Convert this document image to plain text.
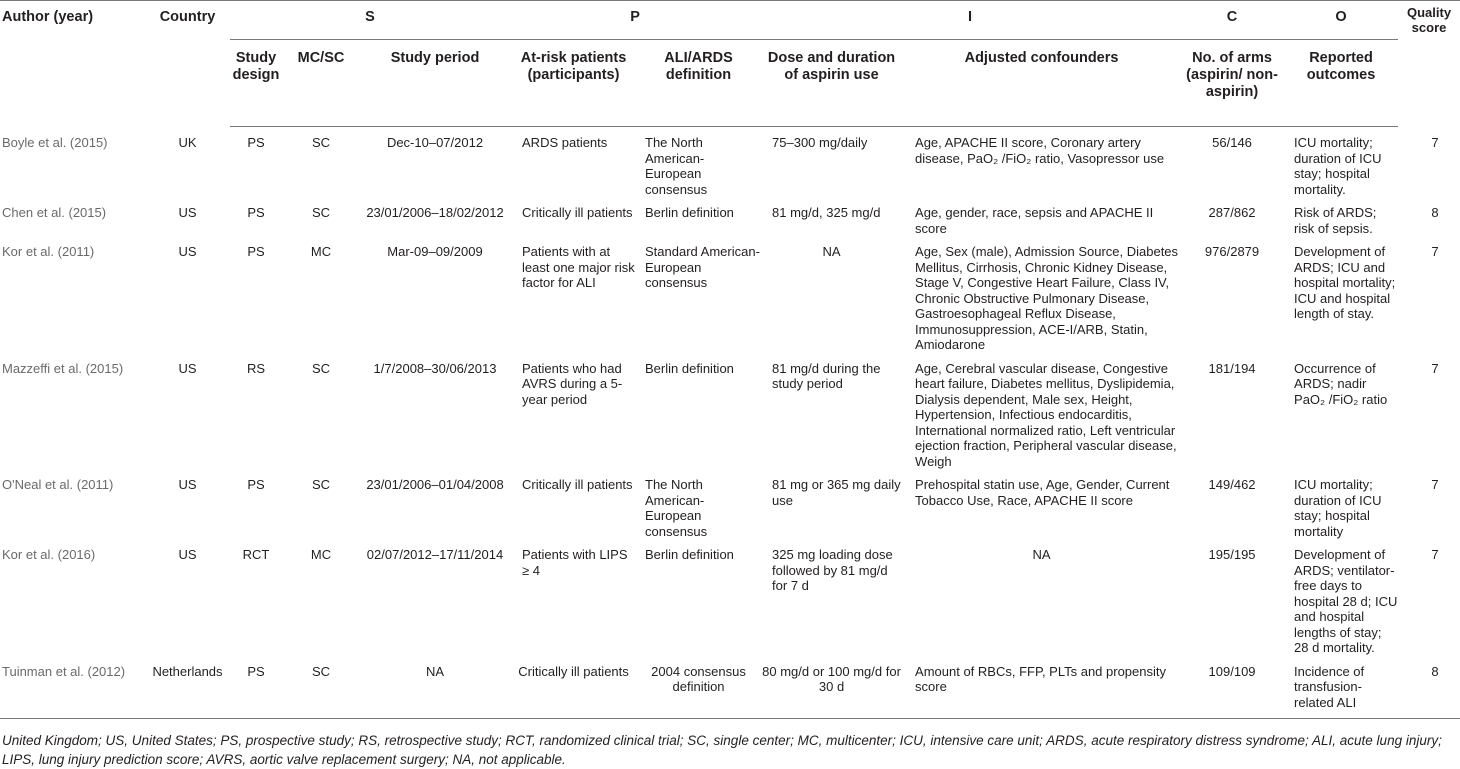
Author (year)	Country	S			P		I		C	O	Quality score
		Study design	MC/SC	Study period	At-risk patients (participants)	ALI/ARDS definition	Dose and duration of aspirin use	Adjusted confounders	No. of arms (aspirin/ non-aspirin)	Reported outcomes	
Boyle et al. (2015)	UK	PS	SC	Dec-10–07/2012	ARDS patients	The North American-European consensus	75–300 mg/daily	Age, APACHE II score, Coronary artery disease, PaO₂ /FiO₂ ratio, Vasopressor use	56/146	ICU mortality; duration of ICU stay; hospital mortality.	7
Chen et al. (2015)	US	PS	SC	23/01/2006–18/02/2012	Critically ill patients	Berlin definition	81 mg/d, 325 mg/d	Age, gender, race, sepsis and APACHE II score	287/862	Risk of ARDS; risk of sepsis.	8
Kor et al. (2011)	US	PS	MC	Mar-09–09/2009	Patients with at least one major risk factor for ALI	Standard American-European consensus	NA	Age, Sex (male), Admission Source, Diabetes Mellitus, Cirrhosis, Chronic Kidney Disease, Stage V, Congestive Heart Failure, Class IV, Chronic Obstructive Pulmonary Disease, Gastroesophageal Reflux Disease, Immunosuppression, ACE-I/ARB, Statin, Amiodarone	976/2879	Development of ARDS; ICU and hospital mortality; ICU and hospital length of stay.	7
Mazzeffi et al. (2015)	US	RS	SC	1/7/2008–30/06/2013	Patients who had AVRS during a 5-year period	Berlin definition	81 mg/d during the study period	Age, Cerebral vascular disease, Congestive heart failure, Diabetes mellitus, Dyslipidemia, Dialysis dependent, Male sex, Height, Hypertension, Infectious endocarditis, International normalized ratio, Left ventricular ejection fraction, Peripheral vascular disease, Weigh	181/194	Occurrence of ARDS; nadir PaO₂ /FiO₂ ratio	7
O'Neal et al. (2011)	US	PS	SC	23/01/2006–01/04/2008	Critically ill patients	The North American-European consensus	81 mg or 365 mg daily use	Prehospital statin use, Age, Gender, Current Tobacco Use, Race, APACHE II score	149/462	ICU mortality; duration of ICU stay; hospital mortality	7
Kor et al. (2016)	US	RCT	MC	02/07/2012–17/11/2014	Patients with LIPS ≥ 4	Berlin definition	325 mg loading dose followed by 81 mg/d for 7 d	NA	195/195	Development of ARDS; ventilator-free days to hospital 28 d; ICU and hospital lengths of stay; 28 d mortality.	7
Tuinman et al. (2012)	Netherlands	PS	SC	NA	Critically ill patients	2004 consensus definition	80 mg/d or 100 mg/d for 30 d	Amount of RBCs, FFP, PLTs and propensity score	109/109	Incidence of transfusion-related ALI	8
United Kingdom; US, United States; PS, prospective study; RS, retrospective study; RCT, randomized clinical trial; SC, single center; MC, multicenter; ICU, intensive care unit; ARDS, acute respiratory distress syndrome; ALI, acute lung injury;
LIPS, lung injury prediction score; AVRS, aortic valve replacement surgery; NA, not applicable.
